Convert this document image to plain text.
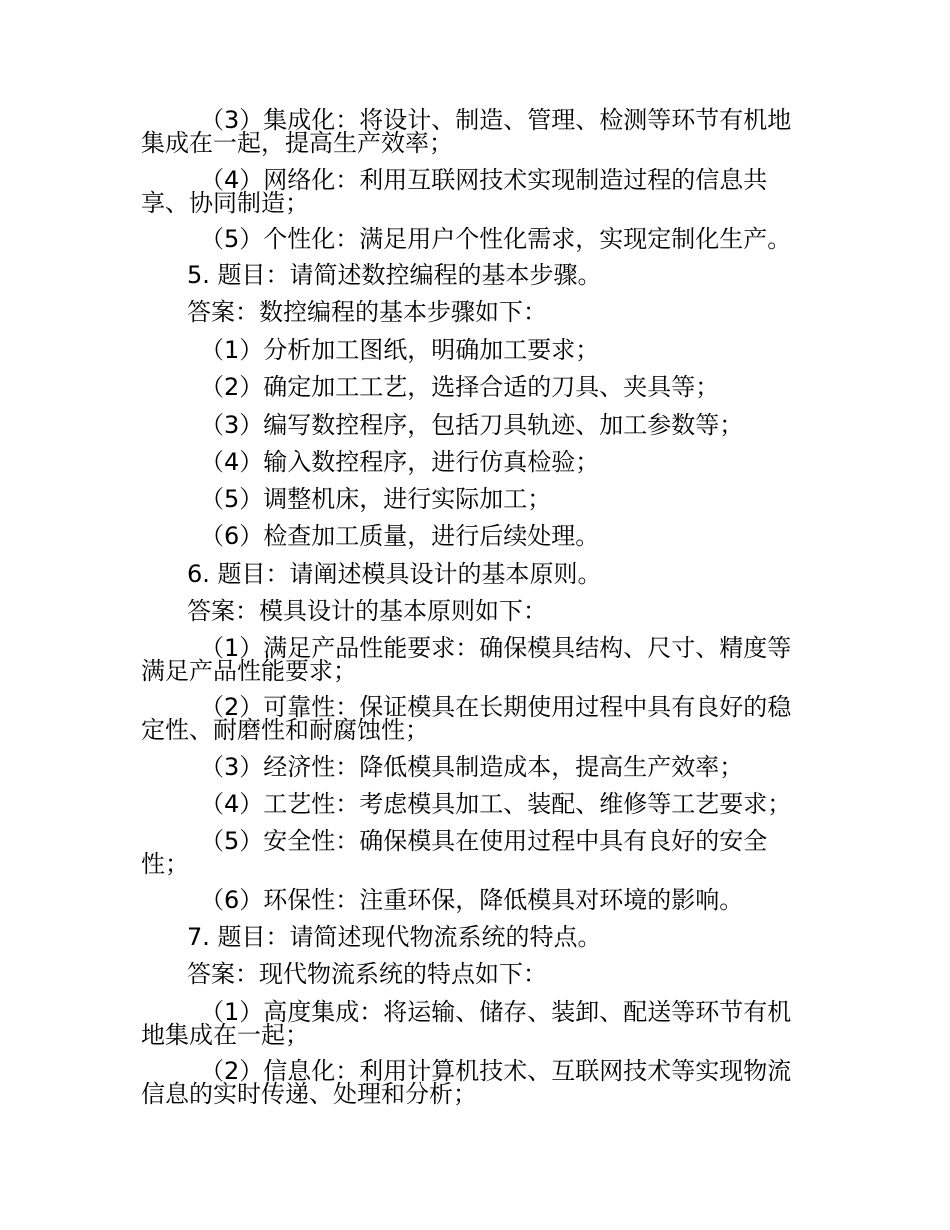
（3）集成化：将设计、制造、管理、检测等环节有机地
集成在一起，提高生产效率；
（4）网络化：利用互联网技术实现制造过程的信息共
享、协同制造；
（5）个性化：满足用户个性化需求，实现定制化生产。
5. 题目：请简述数控编程的基本步骤。
答案：数控编程的基本步骤如下：
（1）分析加工图纸，明确加工要求；
（2）确定加工工艺，选择合适的刀具、夹具等；
（3）编写数控程序，包括刀具轨迹、加工参数等；
（4）输入数控程序，进行仿真检验；
（5）调整机床，进行实际加工；
（6）检查加工质量，进行后续处理。
6. 题目：请阐述模具设计的基本原则。
答案：模具设计的基本原则如下：
（1）满足产品性能要求：确保模具结构、尺寸、精度等
满足产品性能要求；
（2）可靠性：保证模具在长期使用过程中具有良好的稳
定性、耐磨性和耐腐蚀性；
（3）经济性：降低模具制造成本，提高生产效率；
（4）工艺性：考虑模具加工、装配、维修等工艺要求；
（5）安全性：确保模具在使用过程中具有良好的安全
性；
（6）环保性：注重环保，降低模具对环境的影响。
7. 题目：请简述现代物流系统的特点。
答案：现代物流系统的特点如下：
（1）高度集成：将运输、储存、装卸、配送等环节有机
地集成在一起；
（2）信息化：利用计算机技术、互联网技术等实现物流
信息的实时传递、处理和分析；
